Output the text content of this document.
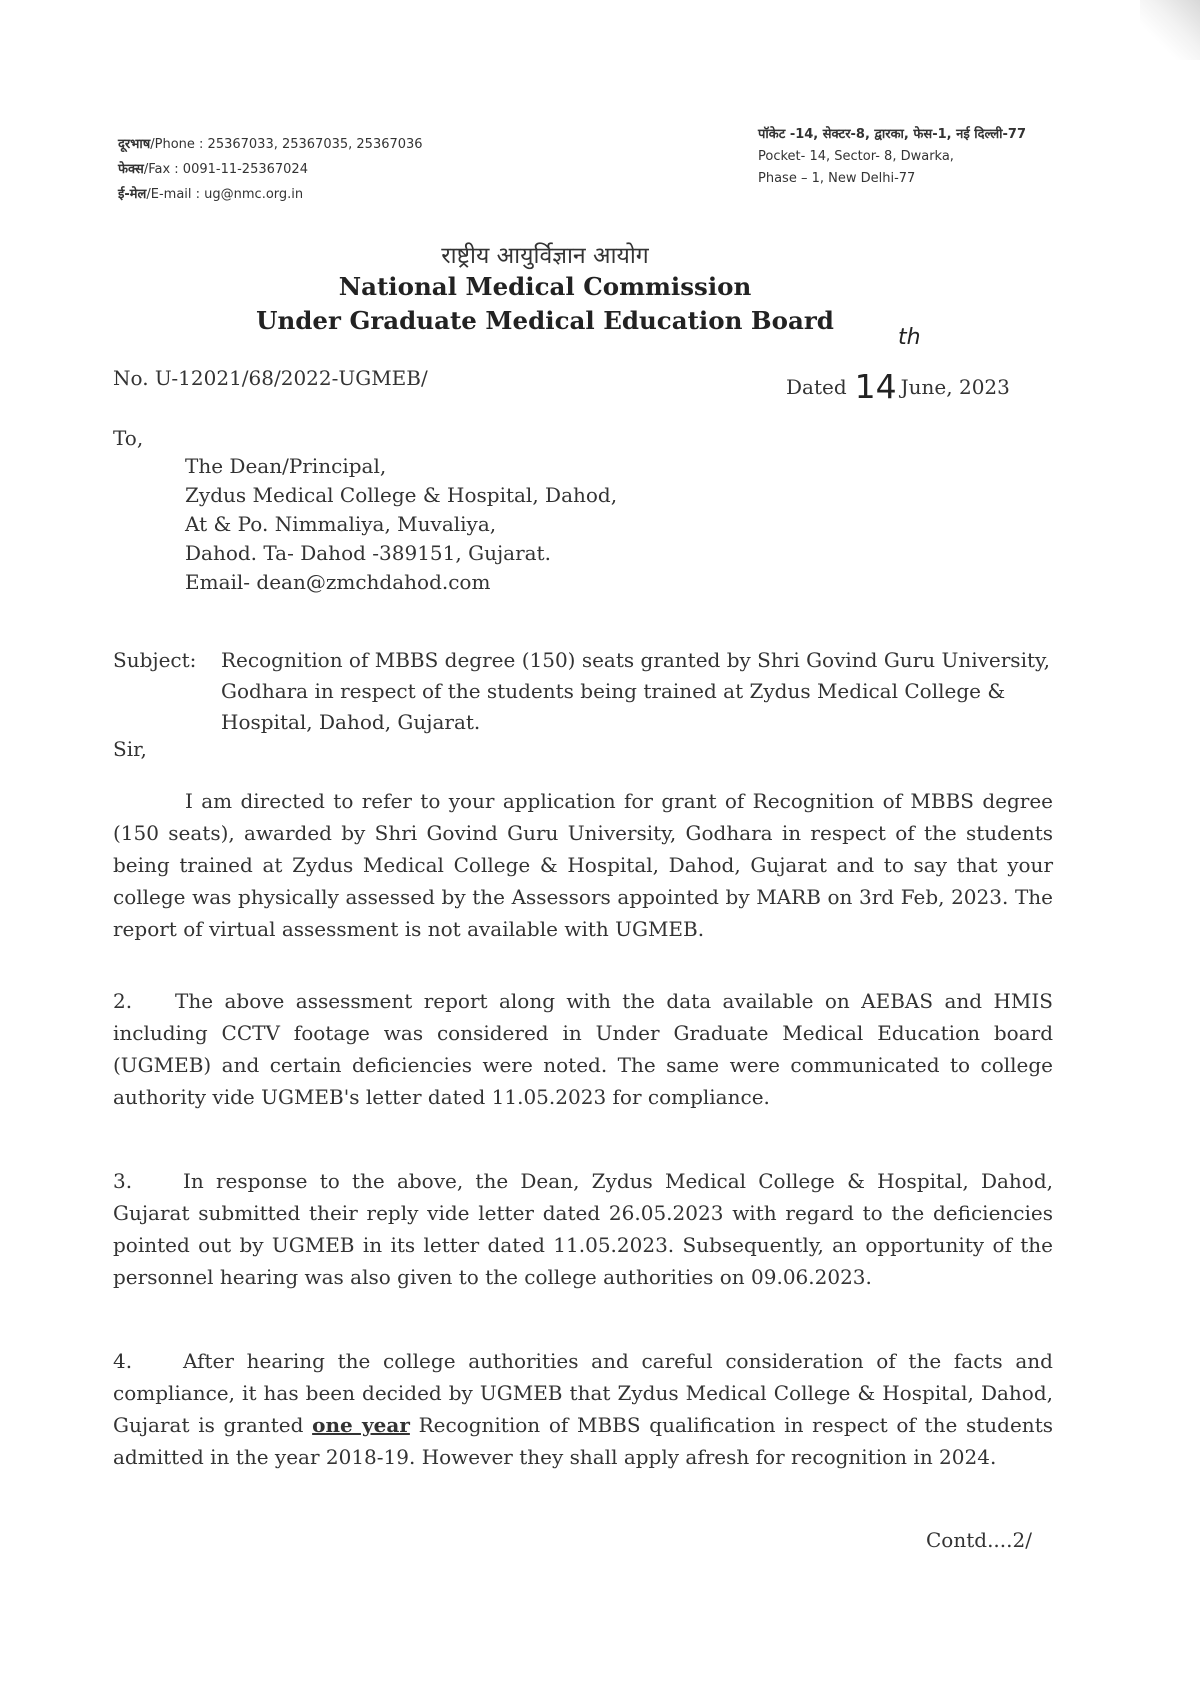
दूरभाष/Phone : 25367033, 25367035, 25367036
फेक्स/Fax : 0091-11-25367024
ई-मेल/E-mail : ug@nmc.org.in
पॉकेट -14, सेक्टर-8, द्वारका, फेस-1, नई दिल्ली-77
Pocket- 14, Sector- 8, Dwarka,
Phase – 1, New Delhi-77
राष्ट्रीय आयुर्विज्ञान आयोग
National Medical Commission
Under Graduate Medical Education Board
No. U-12021/68/2022-UGMEB/
th
Dated 14 June, 2023
To,
The Dean/Principal,
Zydus Medical College & Hospital, Dahod,
At & Po. Nimmaliya, Muvaliya,
Dahod. Ta- Dahod -389151, Gujarat.
Email- dean@zmchdahod.com
Subject: Recognition of MBBS degree (150) seats granted by Shri Govind Guru University, Godhara in respect of the students being trained at Zydus Medical College & Hospital, Dahod, Gujarat.
Sir,
I am directed to refer to your application for grant of Recognition of MBBS degree (150 seats), awarded by Shri Govind Guru University, Godhara in respect of the students being trained at Zydus Medical College & Hospital, Dahod, Gujarat and to say that your college was physically assessed by the Assessors appointed by MARB on 3rd Feb, 2023. The report of virtual assessment is not available with UGMEB.
2. The above assessment report along with the data available on AEBAS and HMIS including CCTV footage was considered in Under Graduate Medical Education board (UGMEB) and certain deficiencies were noted. The same were communicated to college authority vide UGMEB's letter dated 11.05.2023 for compliance.
3.	In response to the above, the Dean, Zydus Medical College & Hospital, Dahod, Gujarat submitted their reply vide letter dated 26.05.2023 with regard to the deficiencies pointed out by UGMEB in its letter dated 11.05.2023. Subsequently, an opportunity of the personnel hearing was also given to the college authorities on 09.06.2023.
4.	After hearing the college authorities and careful consideration of the facts and compliance, it has been decided by UGMEB that Zydus Medical College & Hospital, Dahod, Gujarat is granted one year Recognition of MBBS qualification in respect of the students admitted in the year 2018-19. However they shall apply afresh for recognition in 2024.
Contd....2/
